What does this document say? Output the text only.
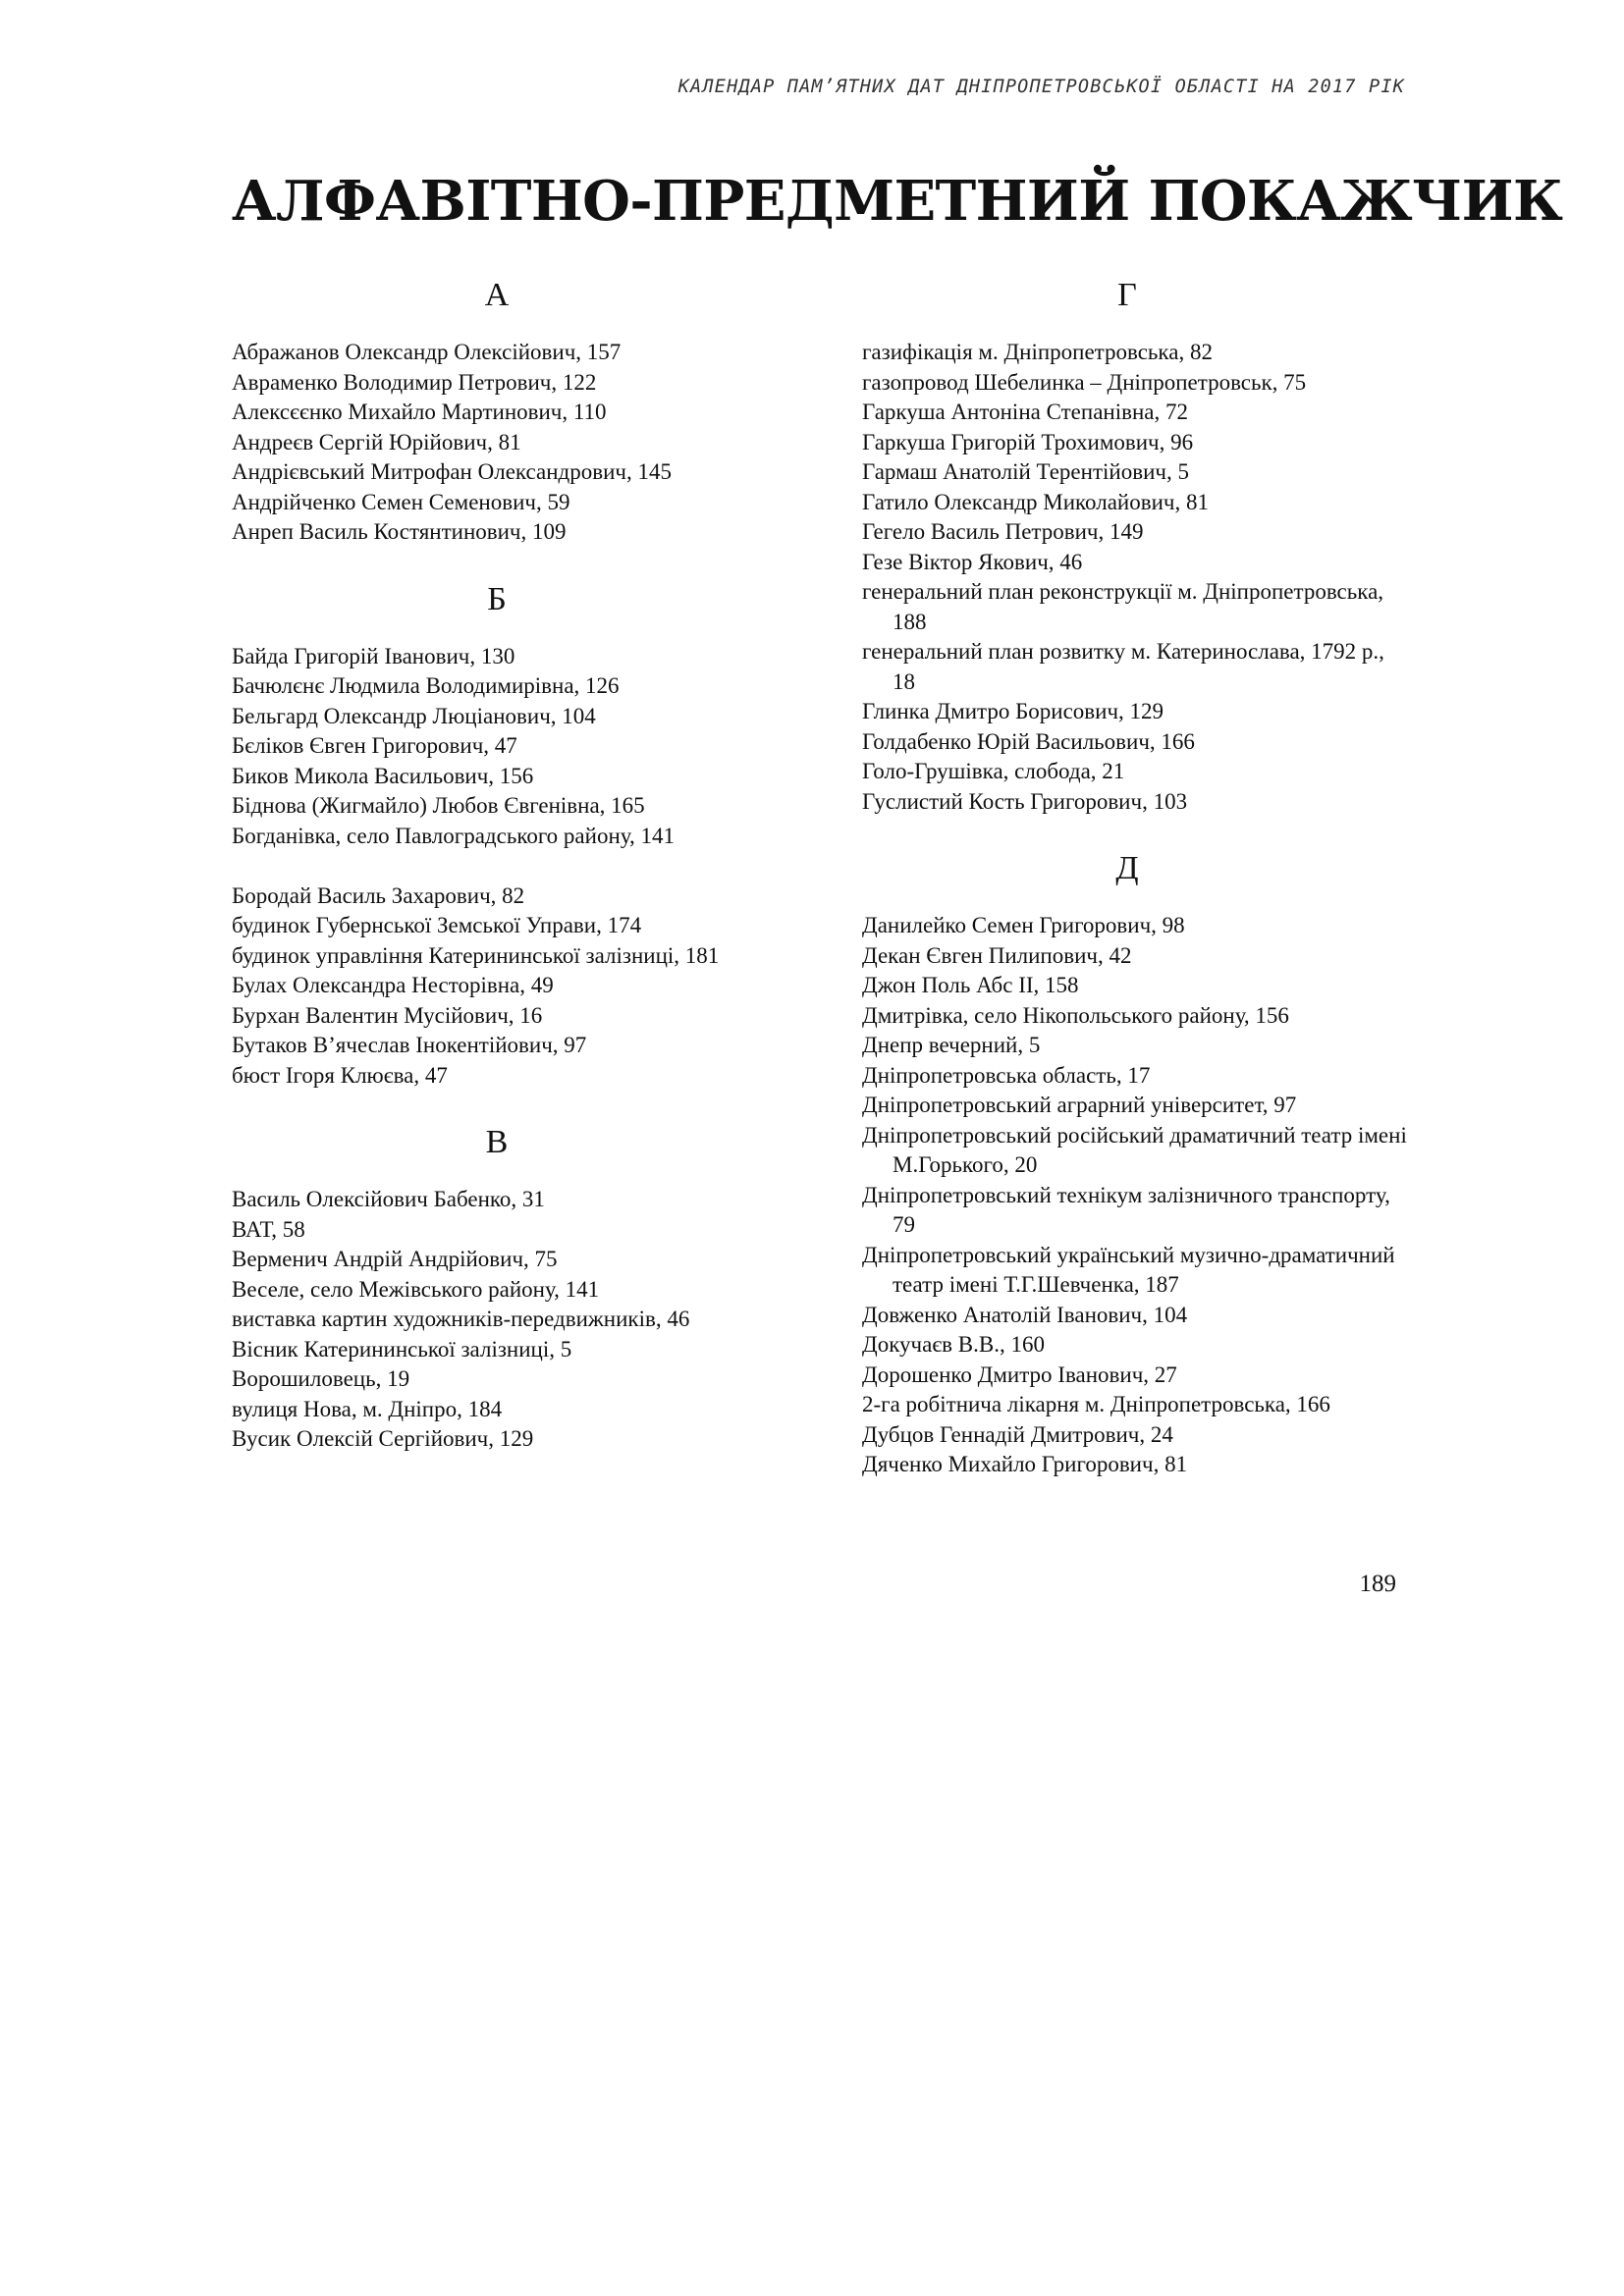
КАЛЕНДАР ПАМ’ЯТНИХ ДАТ ДНІПРОПЕТРОВСЬКОЇ ОБЛАСТІ НА 2017 РІК
АЛФАВІТНО-ПРЕДМЕТНИЙ ПОКАЖЧИК
А
Абражанов Олександр Олексійович, 157
Авраменко Володимир Петрович, 122
Алексєєнко Михайло Мартинович, 110
Андреєв Сергій Юрійович, 81
Андрієвський Митрофан Олександрович, 145
Андрійченко Семен Семенович, 59
Анреп Василь Костянтинович, 109
Б
Байда Григорій Іванович, 130
Бачюлєнє Людмила Володимирівна, 126
Бельгард Олександр Люціанович, 104
Бєліков Євген Григорович, 47
Биков Микола Васильович, 156
Біднова (Жигмайло) Любов Євгенівна, 165
Богданівка, село Павлоградського району, 141
Бородай Василь Захарович, 82
будинок Губернської Земської Управи, 174
будинок управління Катерининської залізниці, 181
Булах Олександра Несторівна, 49
Бурхан Валентин Мусійович, 16
Бутаков В’ячеслав Інокентійович, 97
бюст Ігоря Клюєва, 47
В
Василь Олексійович Бабенко, 31
ВАТ, 58
Верменич Андрій Андрійович, 75
Веселе, село Межівського району, 141
виставка картин художників-передвижників, 46
Вісник Катерининської залізниці, 5
Ворошиловець, 19
вулиця Нова, м. Дніпро, 184
Вусик Олексій Сергійович, 129
Г
газифікація м. Дніпропетровська, 82
газопровод Шебелинка – Дніпропетровськ, 75
Гаркуша Антоніна Степанівна, 72
Гаркуша Григорій Трохимович, 96
Гармаш Анатолій Терентійович, 5
Гатило Олександр Миколайович, 81
Гегело Василь Петрович, 149
Гезе Віктор Якович, 46
генеральний план реконструкції м. Дніпропетровська, 188
генеральний план розвитку м. Катеринослава, 1792 р., 18
Глинка Дмитро Борисович, 129
Голдабенко Юрій Васильович, 166
Голо-Грушівка, слобода, 21
Гуслистий Кость Григорович, 103
Д
Данилейко Семен Григорович, 98
Декан Євген Пилипович, 42
Джон Поль Абс ІІ, 158
Дмитрівка, село Нікопольського району, 156
Днепр вечерний, 5
Дніпропетровська область, 17
Дніпропетровський аграрний університет, 97
Дніпропетровський російський драматичний театр імені М.Горького, 20
Дніпропетровський технікум залізничного транспорту, 79
Дніпропетровський український музично-драматичний театр імені Т.Г.Шевченка, 187
Довженко Анатолій Іванович, 104
Докучаєв В.В., 160
Дорошенко Дмитро Іванович, 27
2-га робітнича лікарня м. Дніпропетровська, 166
Дубцов Геннадій Дмитрович, 24
Дяченко Михайло Григорович, 81
189
